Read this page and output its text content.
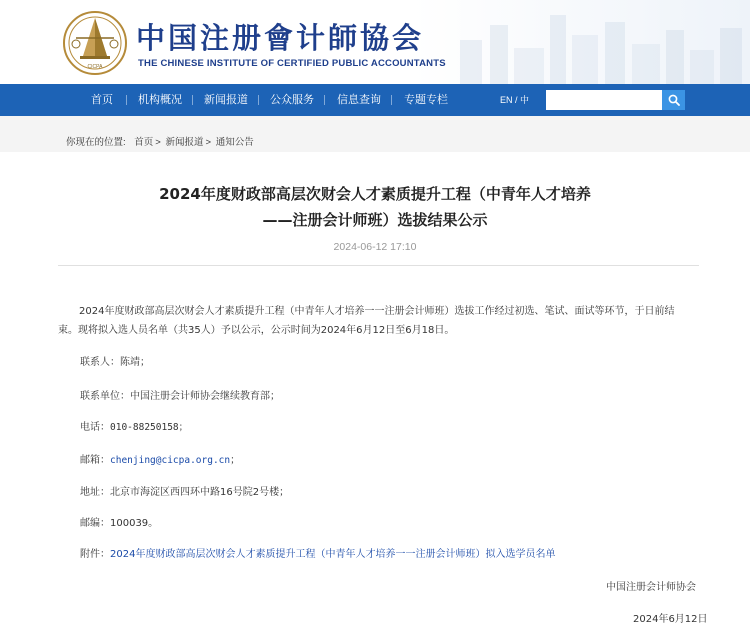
CICPA
中国注册會计師協会
THE CHINESE INSTITUTE OF CERTIFIED PUBLIC ACCOUNTANTS
首页 机构概况 新闻报道 公众服务 信息查询 专题专栏	EN / 中
你现在的位置: 首页 > 新闻报道 > 通知公告
2024年度财政部高层次财会人才素质提升工程（中青年人才培养
——注册会计师班）选拔结果公示
2024-06-12 17:10
2024年度财政部高层次财会人才素质提升工程（中青年人才培养一一注册会计师班）选拔工作经过初选、笔试、面试等环节，于日前结
束。现将拟入选人员名单（共35人）予以公示，公示时间为2024年6月12日至6月18日。
联系人：陈靖；
联系单位：中国注册会计师协会继续教育部；
电话：010-88250158；
邮箱：chenjing@cicpa.org.cn；
地址：北京市海淀区西四环中路16号院2号楼；
邮编：100039。
附件：2024年度财政部高层次财会人才素质提升工程（中青年人才培养一一注册会计师班）拟入选学员名单
中国注册会计师协会
2024年6月12日
